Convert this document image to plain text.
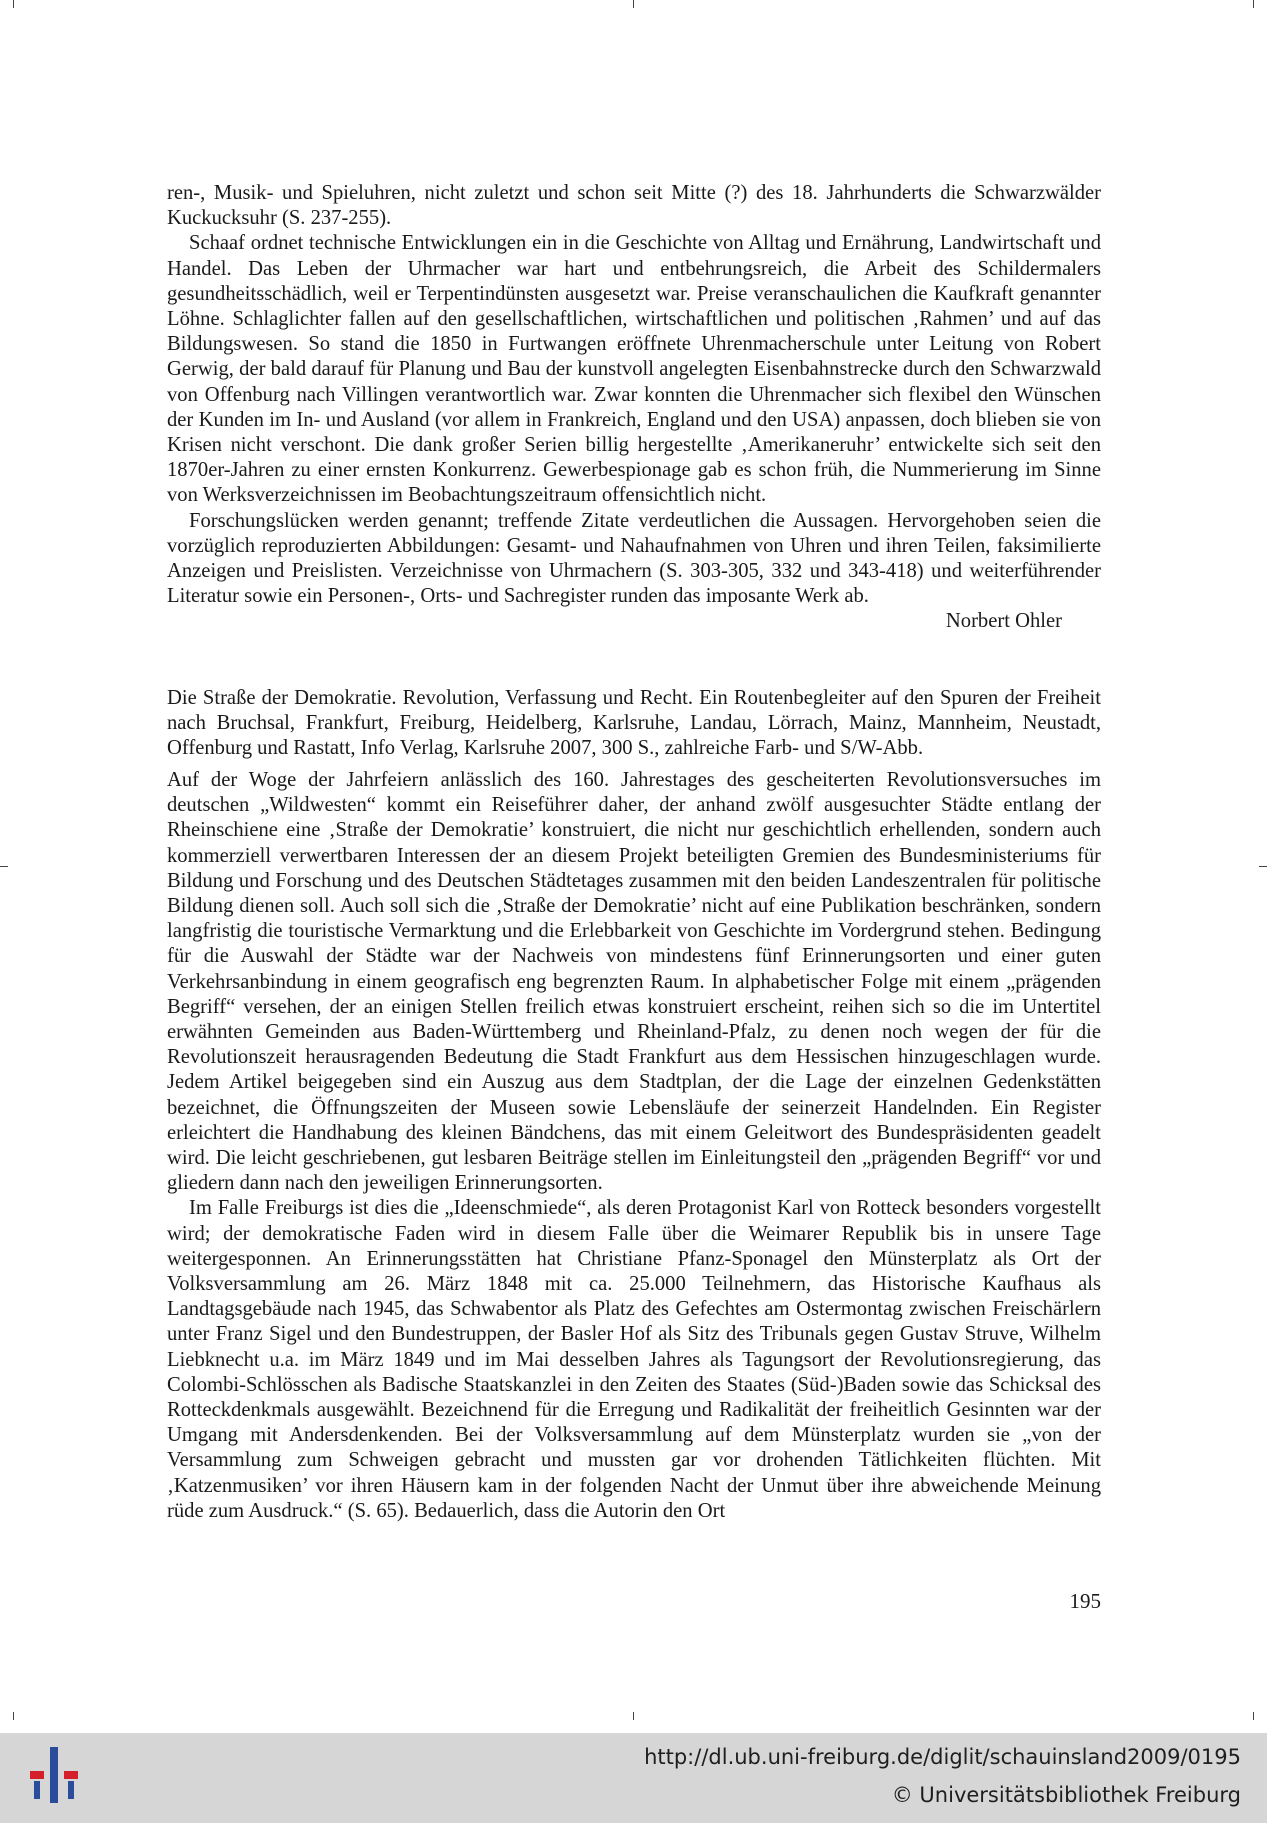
ren-, Musik- und Spieluhren, nicht zuletzt und schon seit Mitte (?) des 18. Jahrhunderts die Schwarzwälder Kuckucksuhr (S. 237-255).

Schaaf ordnet technische Entwicklungen ein in die Geschichte von Alltag und Ernährung, Landwirtschaft und Handel. Das Leben der Uhrmacher war hart und entbehrungsreich, die Arbeit des Schildermalers gesundheitsschädlich, weil er Terpentindünsten ausgesetzt war. Preise veranschaulichen die Kaufkraft genannter Löhne. Schlaglichter fallen auf den gesellschaftlichen, wirtschaftlichen und politischen ‚Rahmen’ und auf das Bildungswesen. So stand die 1850 in Furtwangen eröffnete Uhrenmacherschule unter Leitung von Robert Gerwig, der bald darauf für Planung und Bau der kunstvoll angelegten Eisenbahnstrecke durch den Schwarzwald von Offenburg nach Villingen verantwortlich war. Zwar konnten die Uhrenmacher sich flexibel den Wünschen der Kunden im In- und Ausland (vor allem in Frankreich, England und den USA) anpassen, doch blieben sie von Krisen nicht verschont. Die dank großer Serien billig hergestellte ‚Amerikaneruhr’ entwickelte sich seit den 1870er-Jahren zu einer ernsten Konkurrenz. Gewerbespionage gab es schon früh, die Nummerierung im Sinne von Werksverzeichnissen im Beobachtungszeitraum offensichtlich nicht.

Forschungslücken werden genannt; treffende Zitate verdeutlichen die Aussagen. Hervorgehoben seien die vorzüglich reproduzierten Abbildungen: Gesamt- und Nahaufnahmen von Uhren und ihren Teilen, faksimilierte Anzeigen und Preislisten. Verzeichnisse von Uhrmachern (S. 303-305, 332 und 343-418) und weiterführender Literatur sowie ein Personen-, Orts- und Sachregister runden das imposante Werk ab.

Norbert Ohler

Die Straße der Demokratie. Revolution, Verfassung und Recht. Ein Routenbegleiter auf den Spuren der Freiheit nach Bruchsal, Frankfurt, Freiburg, Heidelberg, Karlsruhe, Landau, Lörrach, Mainz, Mannheim, Neustadt, Offenburg und Rastatt, Info Verlag, Karlsruhe 2007, 300 S., zahlreiche Farb- und S/W-Abb.

Auf der Woge der Jahrfeiern anlässlich des 160. Jahrestages des gescheiterten Revolutionsversuches im deutschen „Wildwesten“ kommt ein Reiseführer daher, der anhand zwölf ausgesuchter Städte entlang der Rheinschiene eine ‚Straße der Demokratie’ konstruiert, die nicht nur geschichtlich erhellenden, sondern auch kommerziell verwertbaren Interessen der an diesem Projekt beteiligten Gremien des Bundesministeriums für Bildung und Forschung und des Deutschen Städtetages zusammen mit den beiden Landeszentralen für politische Bildung dienen soll. Auch soll sich die ‚Straße der Demokratie’ nicht auf eine Publikation beschränken, sondern langfristig die touristische Vermarktung und die Erlebbarkeit von Geschichte im Vordergrund stehen. Bedingung für die Auswahl der Städte war der Nachweis von mindestens fünf Erinnerungsorten und einer guten Verkehrsanbindung in einem geografisch eng begrenzten Raum. In alphabetischer Folge mit einem „prägenden Begriff“ versehen, der an einigen Stellen freilich etwas konstruiert erscheint, reihen sich so die im Untertitel erwähnten Gemeinden aus Baden-Württemberg und Rheinland-Pfalz, zu denen noch wegen der für die Revolutionszeit herausragenden Bedeutung die Stadt Frankfurt aus dem Hessischen hinzugeschlagen wurde. Jedem Artikel beigegeben sind ein Auszug aus dem Stadtplan, der die Lage der einzelnen Gedenkstätten bezeichnet, die Öffnungszeiten der Museen sowie Lebensläufe der seinerzeit Handelnden. Ein Register erleichtert die Handhabung des kleinen Bändchens, das mit einem Geleitwort des Bundespräsidenten geadelt wird. Die leicht geschriebenen, gut lesbaren Beiträge stellen im Einleitungsteil den „prägenden Begriff“ vor und gliedern dann nach den jeweiligen Erinnerungsorten.

Im Falle Freiburgs ist dies die „Ideenschmiede“, als deren Protagonist Karl von Rotteck besonders vorgestellt wird; der demokratische Faden wird in diesem Falle über die Weimarer Republik bis in unsere Tage weitergesponnen. An Erinnerungsstätten hat Christiane Pfanz-Sponagel den Münsterplatz als Ort der Volksversammlung am 26. März 1848 mit ca. 25.000 Teilnehmern, das Historische Kaufhaus als Landtagsgebäude nach 1945, das Schwabentor als Platz des Gefechtes am Ostermontag zwischen Freischärlern unter Franz Sigel und den Bundestruppen, der Basler Hof als Sitz des Tribunals gegen Gustav Struve, Wilhelm Liebknecht u.a. im März 1849 und im Mai desselben Jahres als Tagungsort der Revolutionsregierung, das Colombi-Schlösschen als Badische Staatskanzlei in den Zeiten des Staates (Süd-)Baden sowie das Schicksal des Rotteckdenkmals ausgewählt. Bezeichnend für die Erregung und Radikalität der freiheitlich Gesinnten war der Umgang mit Andersdenkenden. Bei der Volksversammlung auf dem Münsterplatz wurden sie „von der Versammlung zum Schweigen gebracht und mussten gar vor drohenden Tätlichkeiten flüchten. Mit ‚Katzenmusiken’ vor ihren Häusern kam in der folgenden Nacht der Unmut über ihre abweichende Meinung rüde zum Ausdruck.“ (S. 65). Bedauerlich, dass die Autorin den Ort

195
http://dl.ub.uni-freiburg.de/diglit/schauinsland2009/0195
© Universitätsbibliothek Freiburg
